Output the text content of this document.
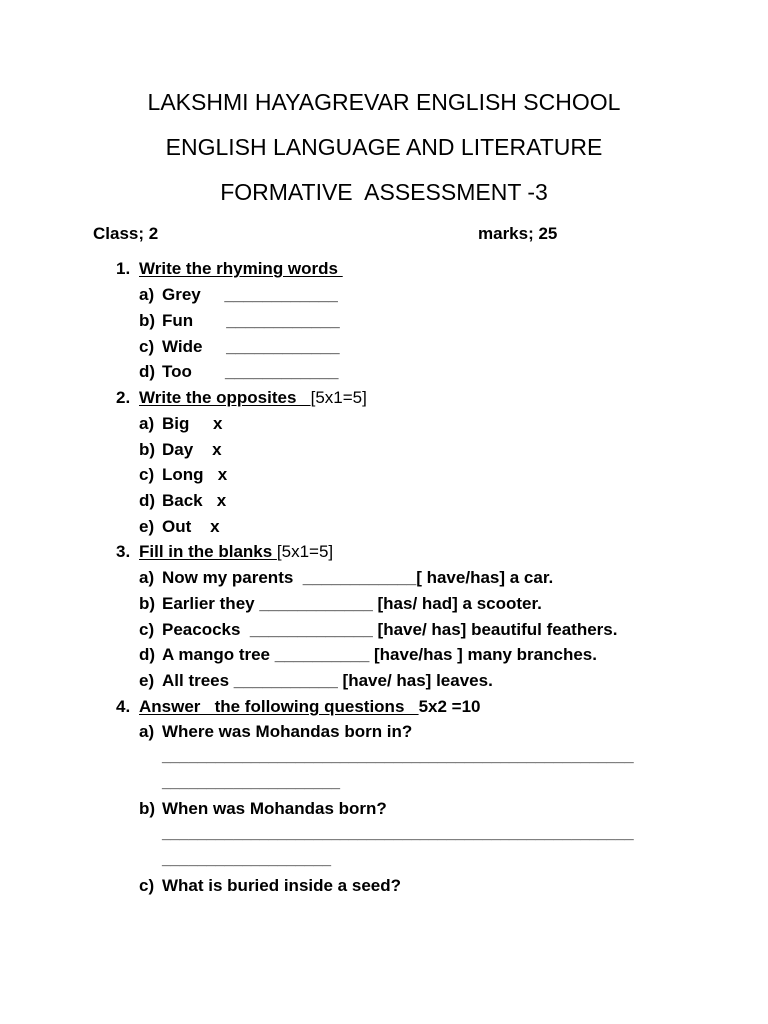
LAKSHMI HAYAGREVAR ENGLISH SCHOOL
ENGLISH LANGUAGE AND LITERATURE
FORMATIVE  ASSESSMENT -3
Class; 2	marks; 25
1. Write the rhyming words
a) Grey     ____________
b) Fun       ____________
c) Wide     ____________
d) Too       ____________
2. Write the opposites   [5x1=5]
a) Big     x
b) Day    x
c) Long   x
d) Back   x
e) Out    x
3. Fill in the blanks [5x1=5]
a) Now my parents  ____________[ have/has] a car.
b) Earlier they ____________ [has/ had] a scooter.
c) Peacocks  _____________ [have/ has] beautiful feathers.
d) A mango tree __________ [have/has ] many branches.
e) All trees ___________ [have/ has] leaves.
4. Answer   the following questions   5x2 =10
a) Where was Mohandas born in?
_____________________________________________________
____________________
b) When was Mohandas born?
_____________________________________________________
___________________
c) What is buried inside a seed?
